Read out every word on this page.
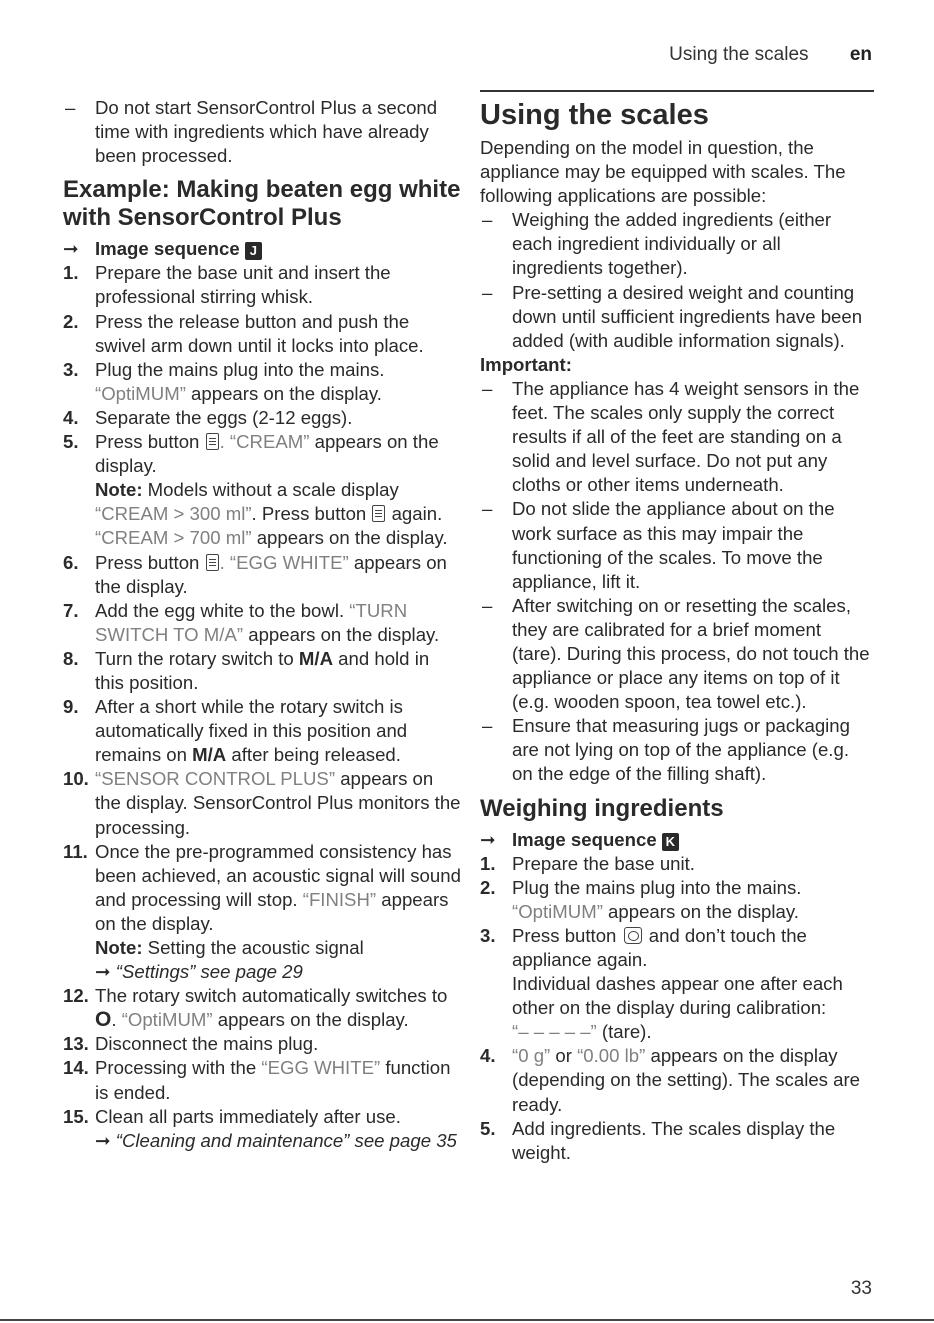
Using the scales en
– Do not start SensorControl Plus a second time with ingredients which have already been processed.
Example: Making beaten egg white with SensorControl Plus
➞ Image sequence J
1. Prepare the base unit and insert the professional stirring whisk.
2. Press the release button and push the swivel arm down until it locks into place.
3. Plug the mains plug into the mains.
“OptiMUM” appears on the display.
4. Separate the eggs (2-12 eggs).
5. Press button . “CREAM” appears on the display.
Note: Models without a scale display “CREAM > 300 ml”. Press button  again. “CREAM > 700 ml” appears on the display.
6. Press button . “EGG WHITE” appears on the display.
7. Add the egg white to the bowl. “TURN SWITCH TO M/A” appears on the display.
8. Turn the rotary switch to M/A and hold in this position.
9. After a short while the rotary switch is automatically fixed in this position and remains on M/A after being released.
10. “SENSOR CONTROL PLUS” appears on the display. SensorControl Plus monitors the processing.
11. Once the pre-programmed consistency has been achieved, an acoustic signal will sound and processing will stop. “FINISH” appears on the display.
Note: Setting the acoustic signal
➞ “Settings” see page 29
12. The rotary switch automatically switches to O. “OptiMUM” appears on the display.
13. Disconnect the mains plug.
14. Processing with the “EGG WHITE” function is ended.
15. Clean all parts immediately after use.
➞ “Cleaning and maintenance” see page 35
Using the scales
Depending on the model in question, the appliance may be equipped with scales. The following applications are possible:
– Weighing the added ingredients (either each ingredient individually or all ingredients together).
– Pre-setting a desired weight and counting down until sufficient ingredients have been added (with audible information signals).
Important:
– The appliance has 4 weight sensors in the feet. The scales only supply the correct results if all of the feet are standing on a solid and level surface. Do not put any cloths or other items underneath.
– Do not slide the appliance about on the work surface as this may impair the functioning of the scales. To move the appliance, lift it.
– After switching on or resetting the scales, they are calibrated for a brief moment (tare). During this process, do not touch the appliance or place any items on top of it (e.g. wooden spoon, tea towel etc.).
– Ensure that measuring jugs or packaging are not lying on top of the appliance (e.g. on the edge of the filling shaft).
Weighing ingredients
➞ Image sequence K
1. Prepare the base unit.
2. Plug the mains plug into the mains.
“OptiMUM” appears on the display.
3. Press button  and don’t touch the appliance again.
Individual dashes appear one after each other on the display during calibration:
“– – – – –” (tare).
4. “0 g” or “0.00 lb” appears on the display (depending on the setting). The scales are ready.
5. Add ingredients. The scales display the weight.
33
